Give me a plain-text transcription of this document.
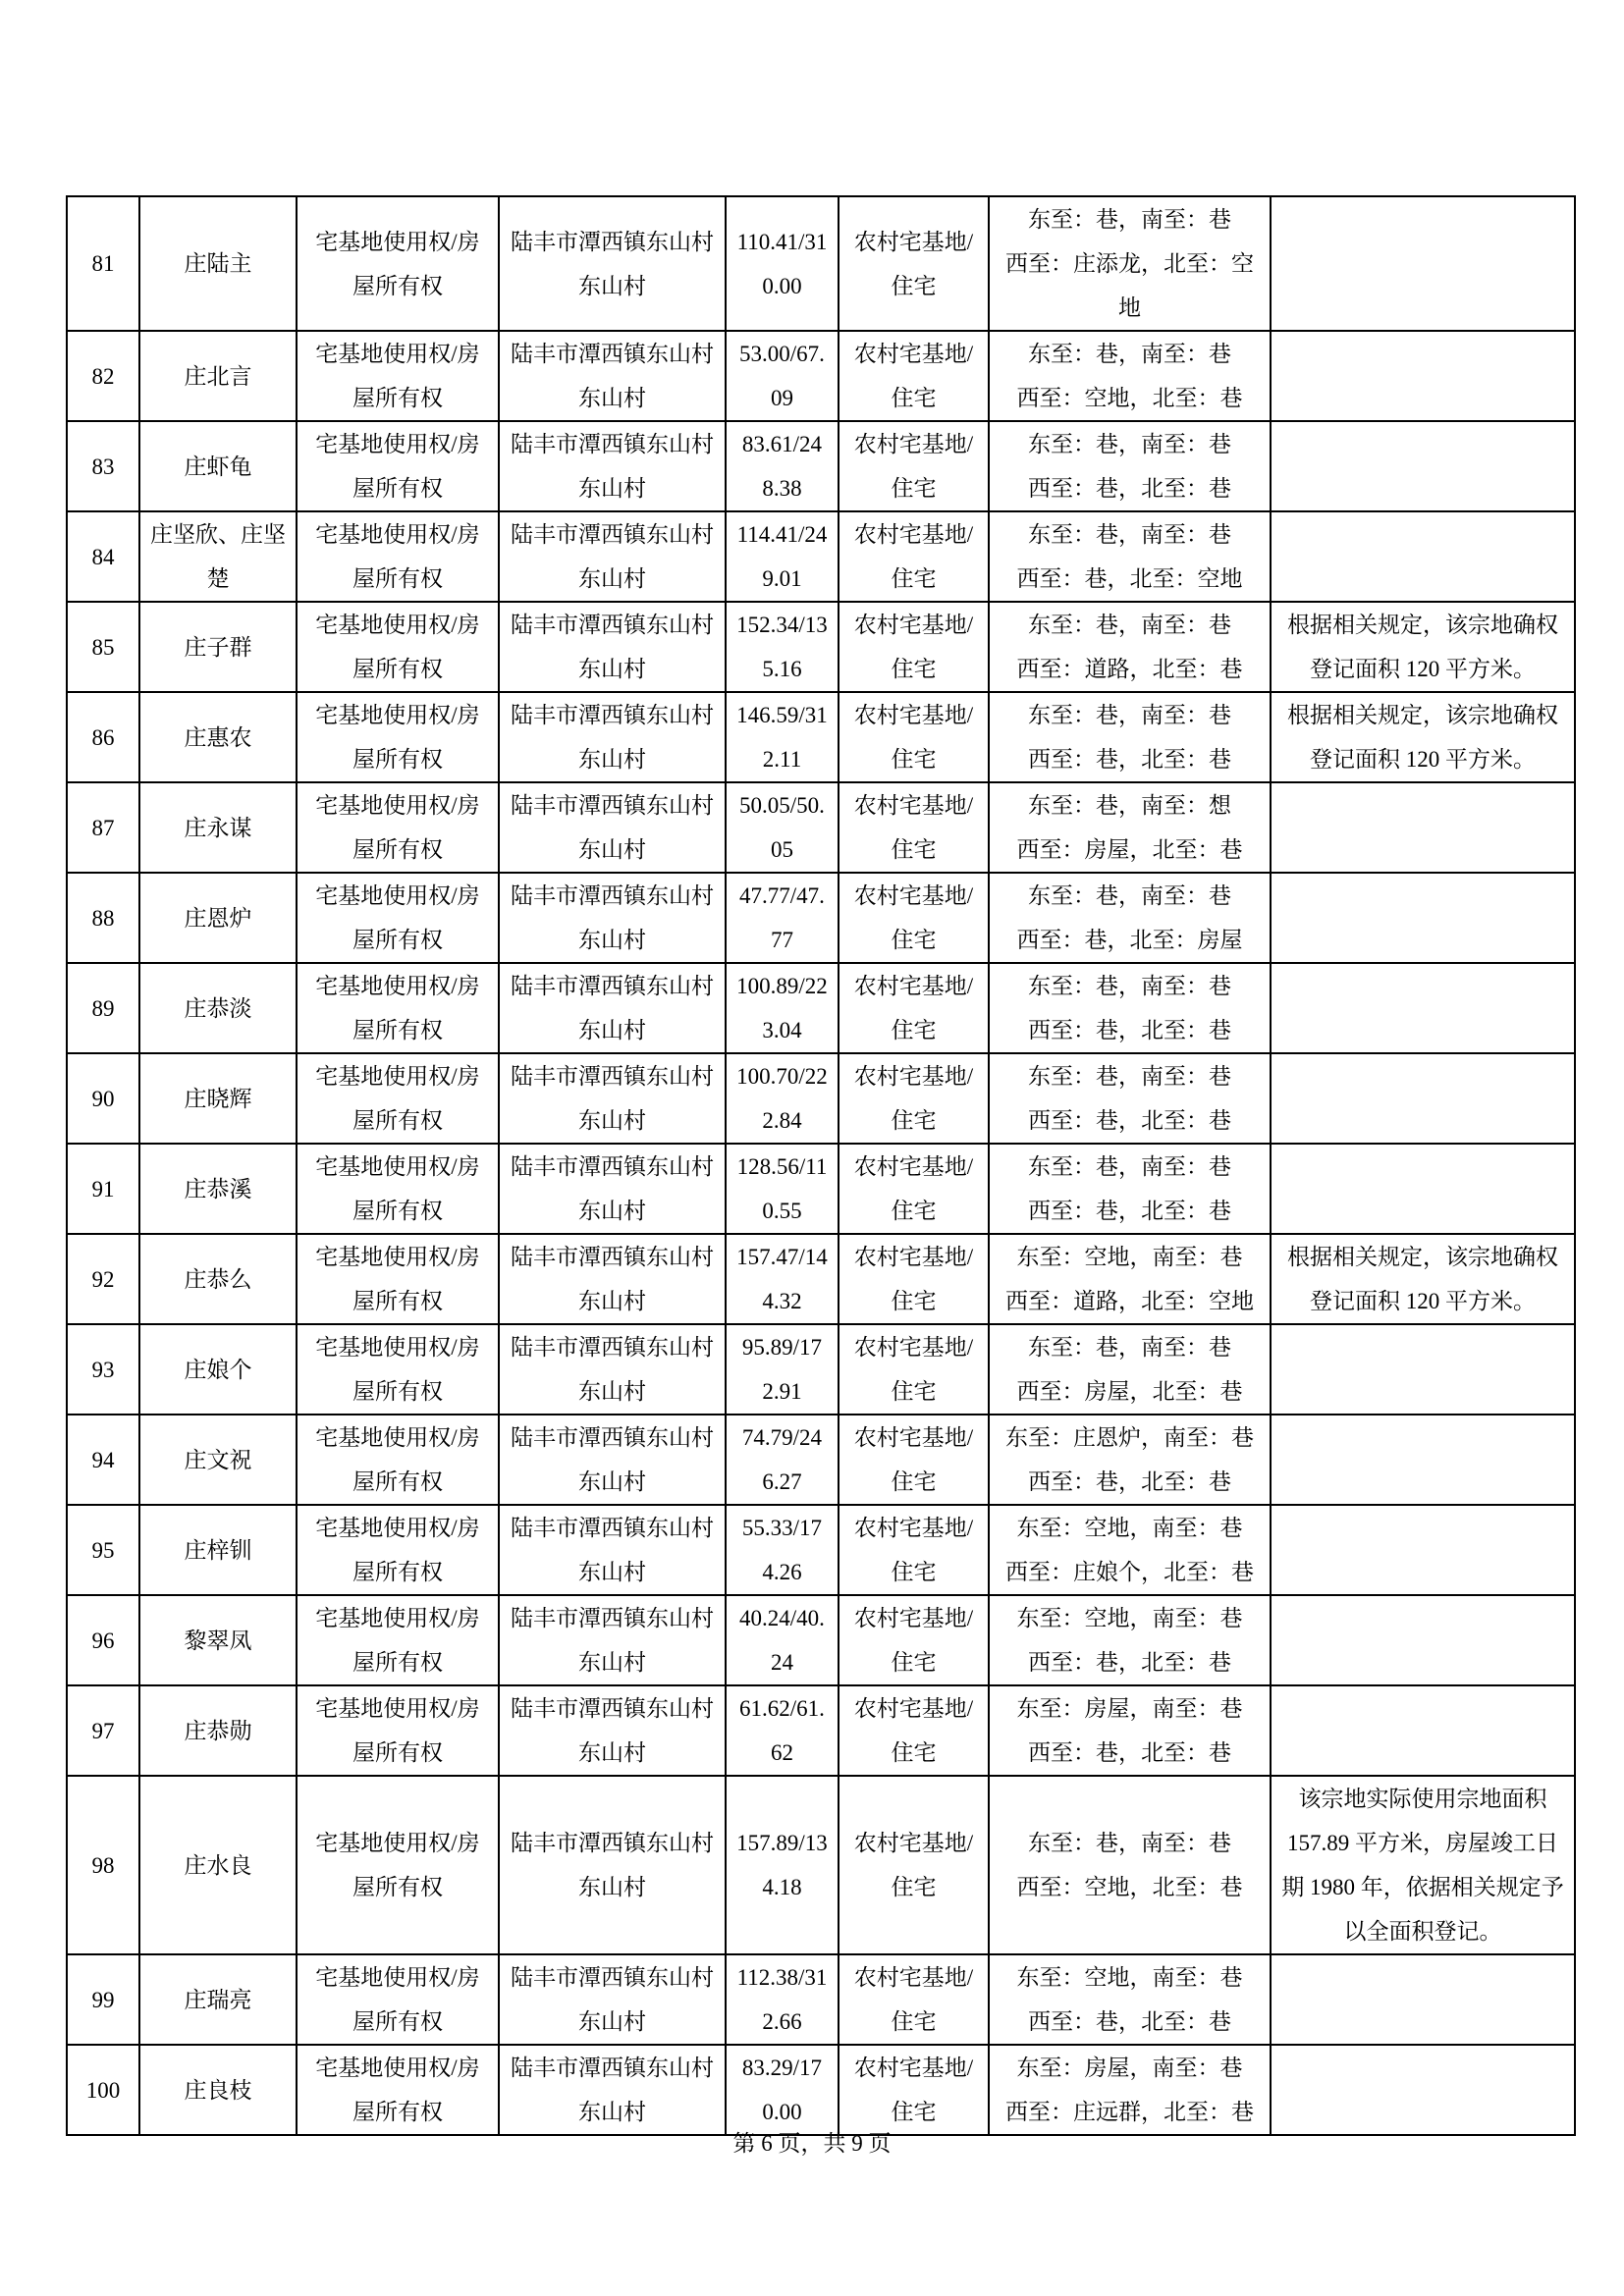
81	庄陆主	宅基地使用权/房屋所有权	陆丰市潭西镇东山村东山村	110.41/310.00	农村宅基地/住宅	东至：巷，南至：巷
西至：庄添龙，北至：空地	

82	庄北言	宅基地使用权/房屋所有权	陆丰市潭西镇东山村东山村	53.00/67.09	农村宅基地/住宅	东至：巷，南至：巷
西至：空地，北至：巷	

83	庄虾龟	宅基地使用权/房屋所有权	陆丰市潭西镇东山村东山村	83.61/248.38	农村宅基地/住宅	东至：巷，南至：巷
西至：巷，北至：巷	

84	庄坚欣、庄坚楚	宅基地使用权/房屋所有权	陆丰市潭西镇东山村东山村	114.41/249.01	农村宅基地/住宅	东至：巷，南至：巷
西至：巷，北至：空地	

85	庄子群	宅基地使用权/房屋所有权	陆丰市潭西镇东山村东山村	152.34/135.16	农村宅基地/住宅	东至：巷，南至：巷
西至：道路，北至：巷	根据相关规定，该宗地确权登记面积 120 平方米。
86	庄惠农	宅基地使用权/房屋所有权	陆丰市潭西镇东山村东山村	146.59/312.11	农村宅基地/住宅	东至：巷，南至：巷
西至：巷，北至：巷	根据相关规定，该宗地确权登记面积 120 平方米。
87	庄永谋	宅基地使用权/房屋所有权	陆丰市潭西镇东山村东山村	50.05/50.05	农村宅基地/住宅	东至：巷，南至：想
西至：房屋，北至：巷	

88	庄恩炉	宅基地使用权/房屋所有权	陆丰市潭西镇东山村东山村	47.77/47.77	农村宅基地/住宅	东至：巷，南至：巷
西至：巷，北至：房屋	

89	庄恭淡	宅基地使用权/房屋所有权	陆丰市潭西镇东山村东山村	100.89/223.04	农村宅基地/住宅	东至：巷，南至：巷
西至：巷，北至：巷	

90	庄晓辉	宅基地使用权/房屋所有权	陆丰市潭西镇东山村东山村	100.70/222.84	农村宅基地/住宅	东至：巷，南至：巷
西至：巷，北至：巷	

91	庄恭溪	宅基地使用权/房屋所有权	陆丰市潭西镇东山村东山村	128.56/110.55	农村宅基地/住宅	东至：巷，南至：巷
西至：巷，北至：巷	

92	庄恭么	宅基地使用权/房屋所有权	陆丰市潭西镇东山村东山村	157.47/144.32	农村宅基地/住宅	东至：空地，南至：巷
西至：道路，北至：空地	根据相关规定，该宗地确权登记面积 120 平方米。
93	庄娘个	宅基地使用权/房屋所有权	陆丰市潭西镇东山村东山村	95.89/172.91	农村宅基地/住宅	东至：巷，南至：巷
西至：房屋，北至：巷	

94	庄文祝	宅基地使用权/房屋所有权	陆丰市潭西镇东山村东山村	74.79/246.27	农村宅基地/住宅	东至：庄恩炉，南至：巷
西至：巷，北至：巷	

95	庄梓钏	宅基地使用权/房屋所有权	陆丰市潭西镇东山村东山村	55.33/174.26	农村宅基地/住宅	东至：空地，南至：巷
西至：庄娘个，北至：巷	

96	黎翠凤	宅基地使用权/房屋所有权	陆丰市潭西镇东山村东山村	40.24/40.24	农村宅基地/住宅	东至：空地，南至：巷
西至：巷，北至：巷	

97	庄恭勋	宅基地使用权/房屋所有权	陆丰市潭西镇东山村东山村	61.62/61.62	农村宅基地/住宅	东至：房屋，南至：巷
西至：巷，北至：巷	

98	庄水良	宅基地使用权/房屋所有权	陆丰市潭西镇东山村东山村	157.89/134.18	农村宅基地/住宅	东至：巷，南至：巷
西至：空地，北至：巷	该宗地实际使用宗地面积 157.89 平方米，房屋竣工日期 1980 年，依据相关规定予以全面积登记。
99	庄瑞亮	宅基地使用权/房屋所有权	陆丰市潭西镇东山村东山村	112.38/312.66	农村宅基地/住宅	东至：空地，南至：巷
西至：巷，北至：巷	

100	庄良枝	宅基地使用权/房屋所有权	陆丰市潭西镇东山村东山村	83.29/170.00	农村宅基地/住宅	东至：房屋，南至：巷
西至：庄远群，北至：巷	

第 6 页，共 9 页
